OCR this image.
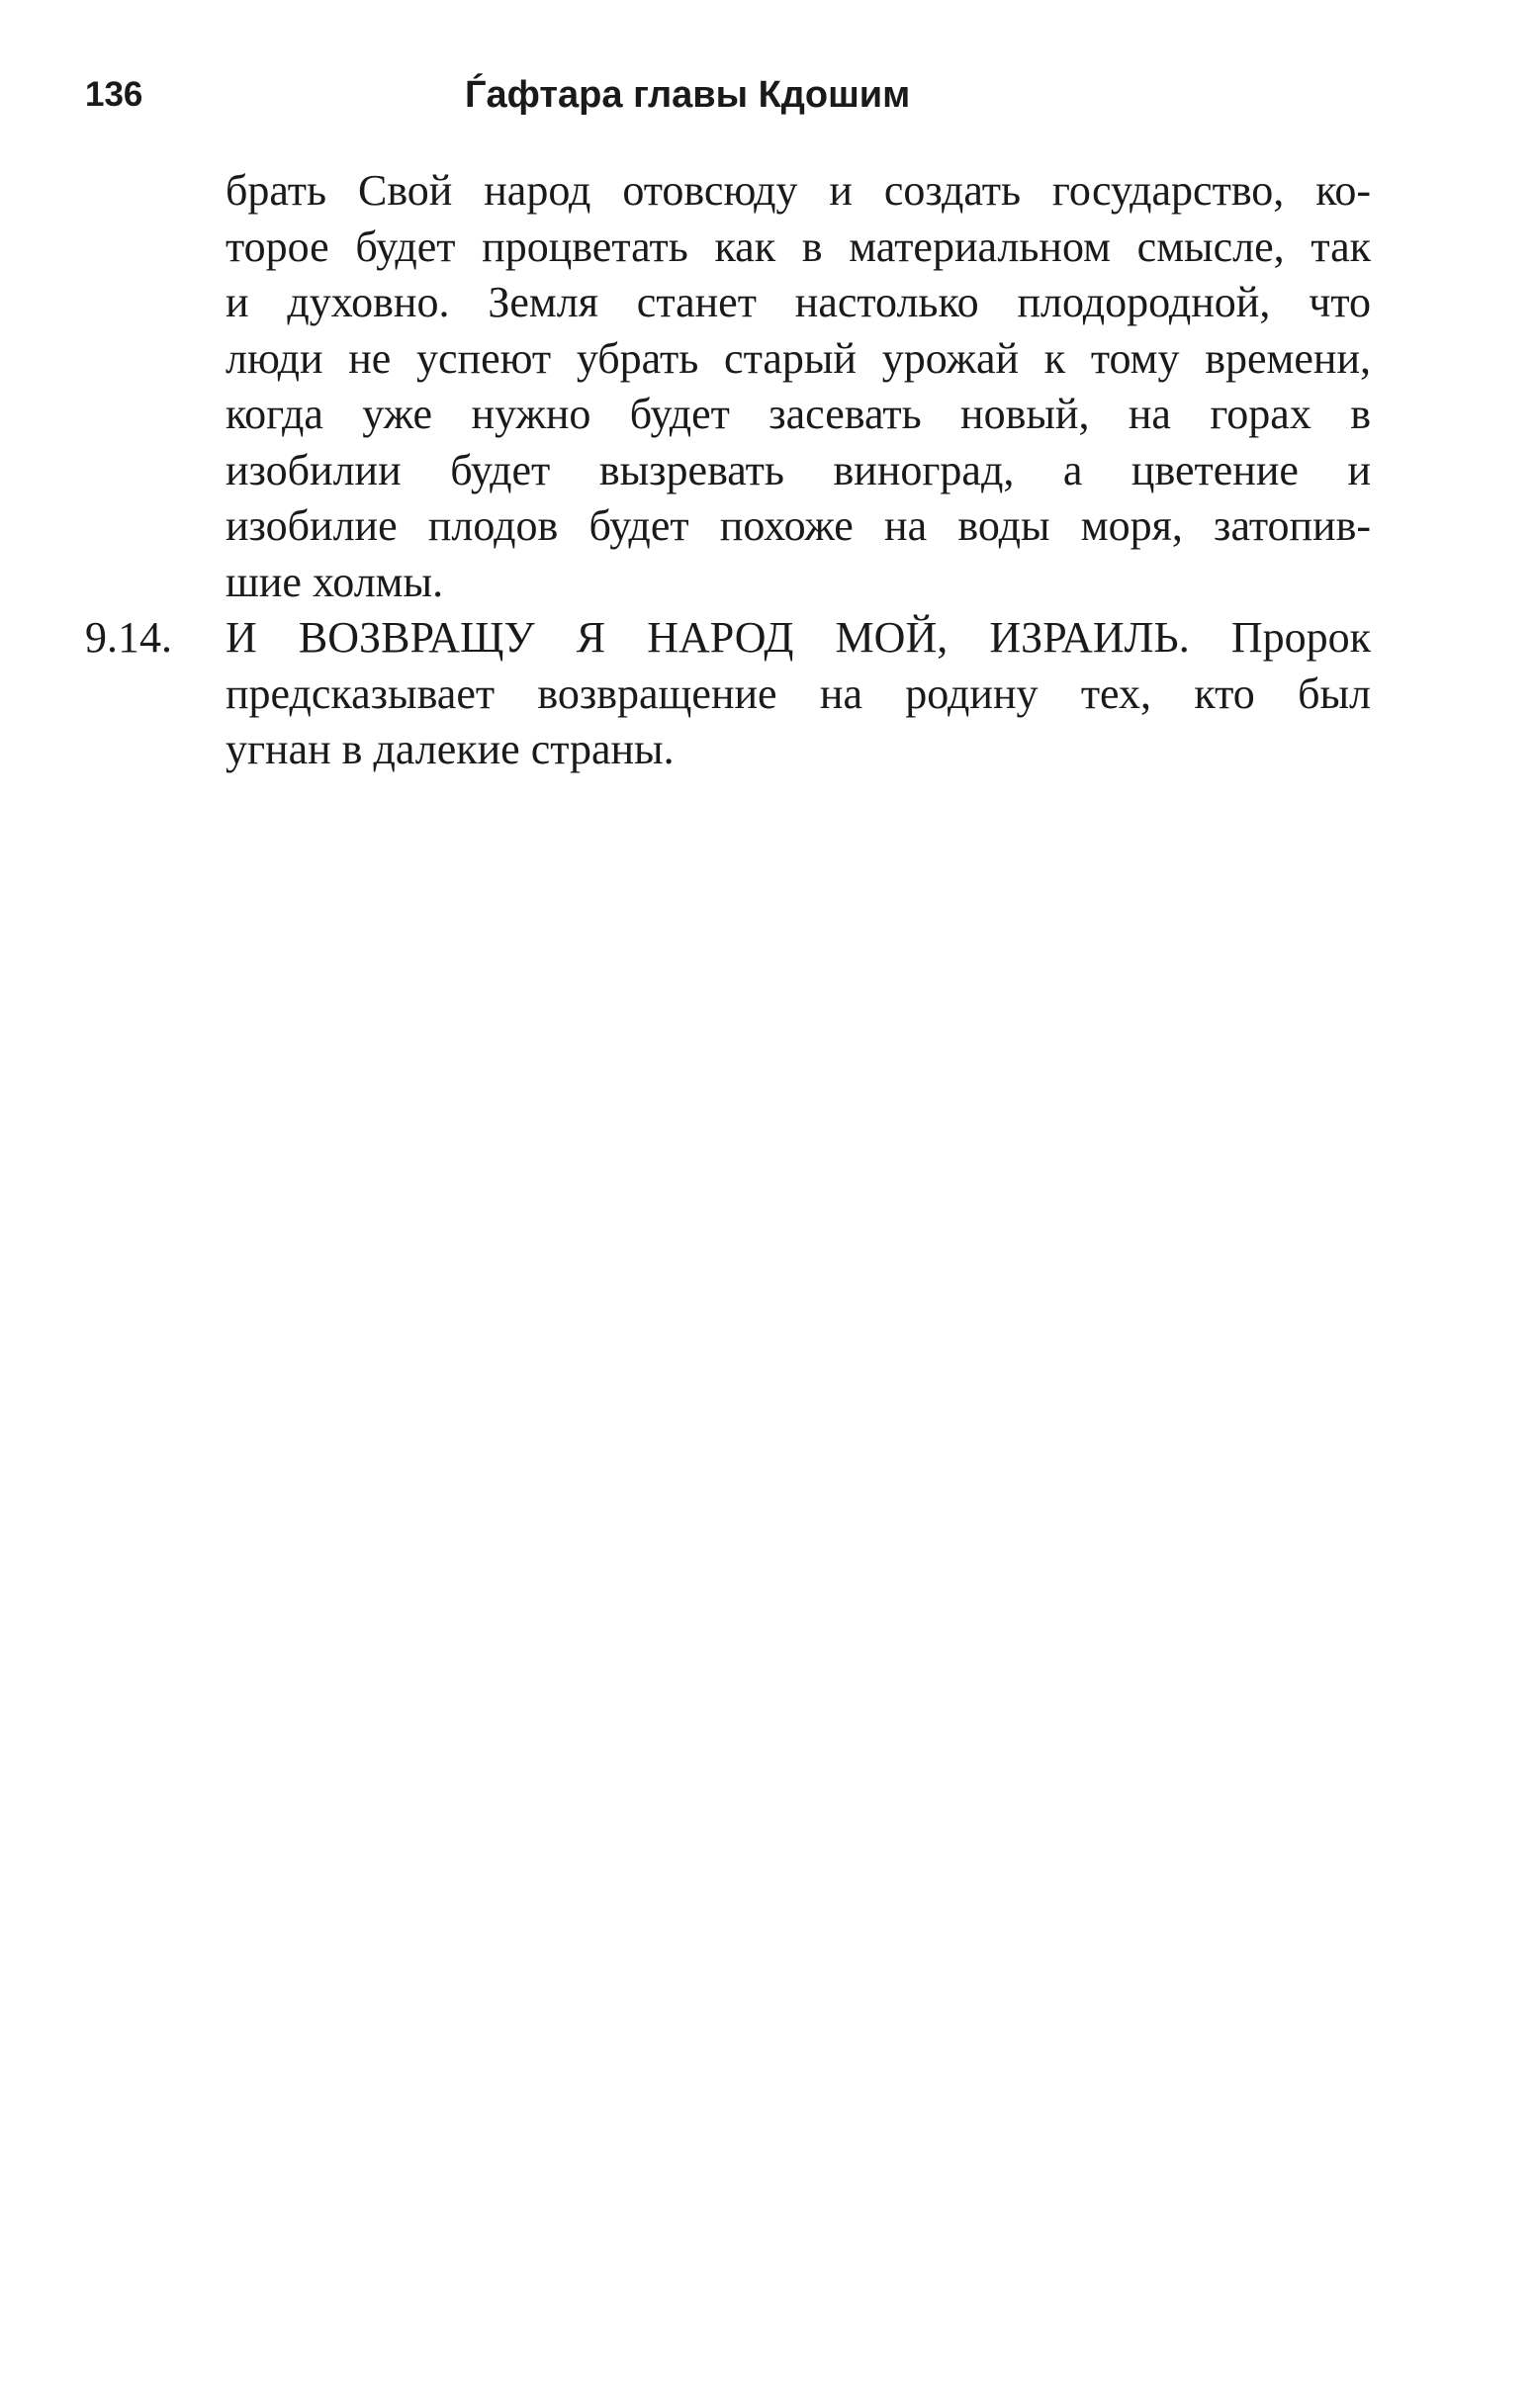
136	Ѓафтара главы Кдошим
брать Свой народ отовсюду и создать государство, ко-
торое будет процветать как в материальном смысле, так
и духовно. Земля станет настолько плодородной, что
люди не успеют убрать старый урожай к тому времени,
когда уже нужно будет засевать новый, на горах в
изобилии будет вызревать виноград, а цветение и
изобилие плодов будет похоже на воды моря, затопив-
шие холмы.
9.14. И ВОЗВРАЩУ Я НАРОД МОЙ, ИЗРАИЛЬ. Пророк
предсказывает возвращение на родину тех, кто был
угнан в далекие страны.
